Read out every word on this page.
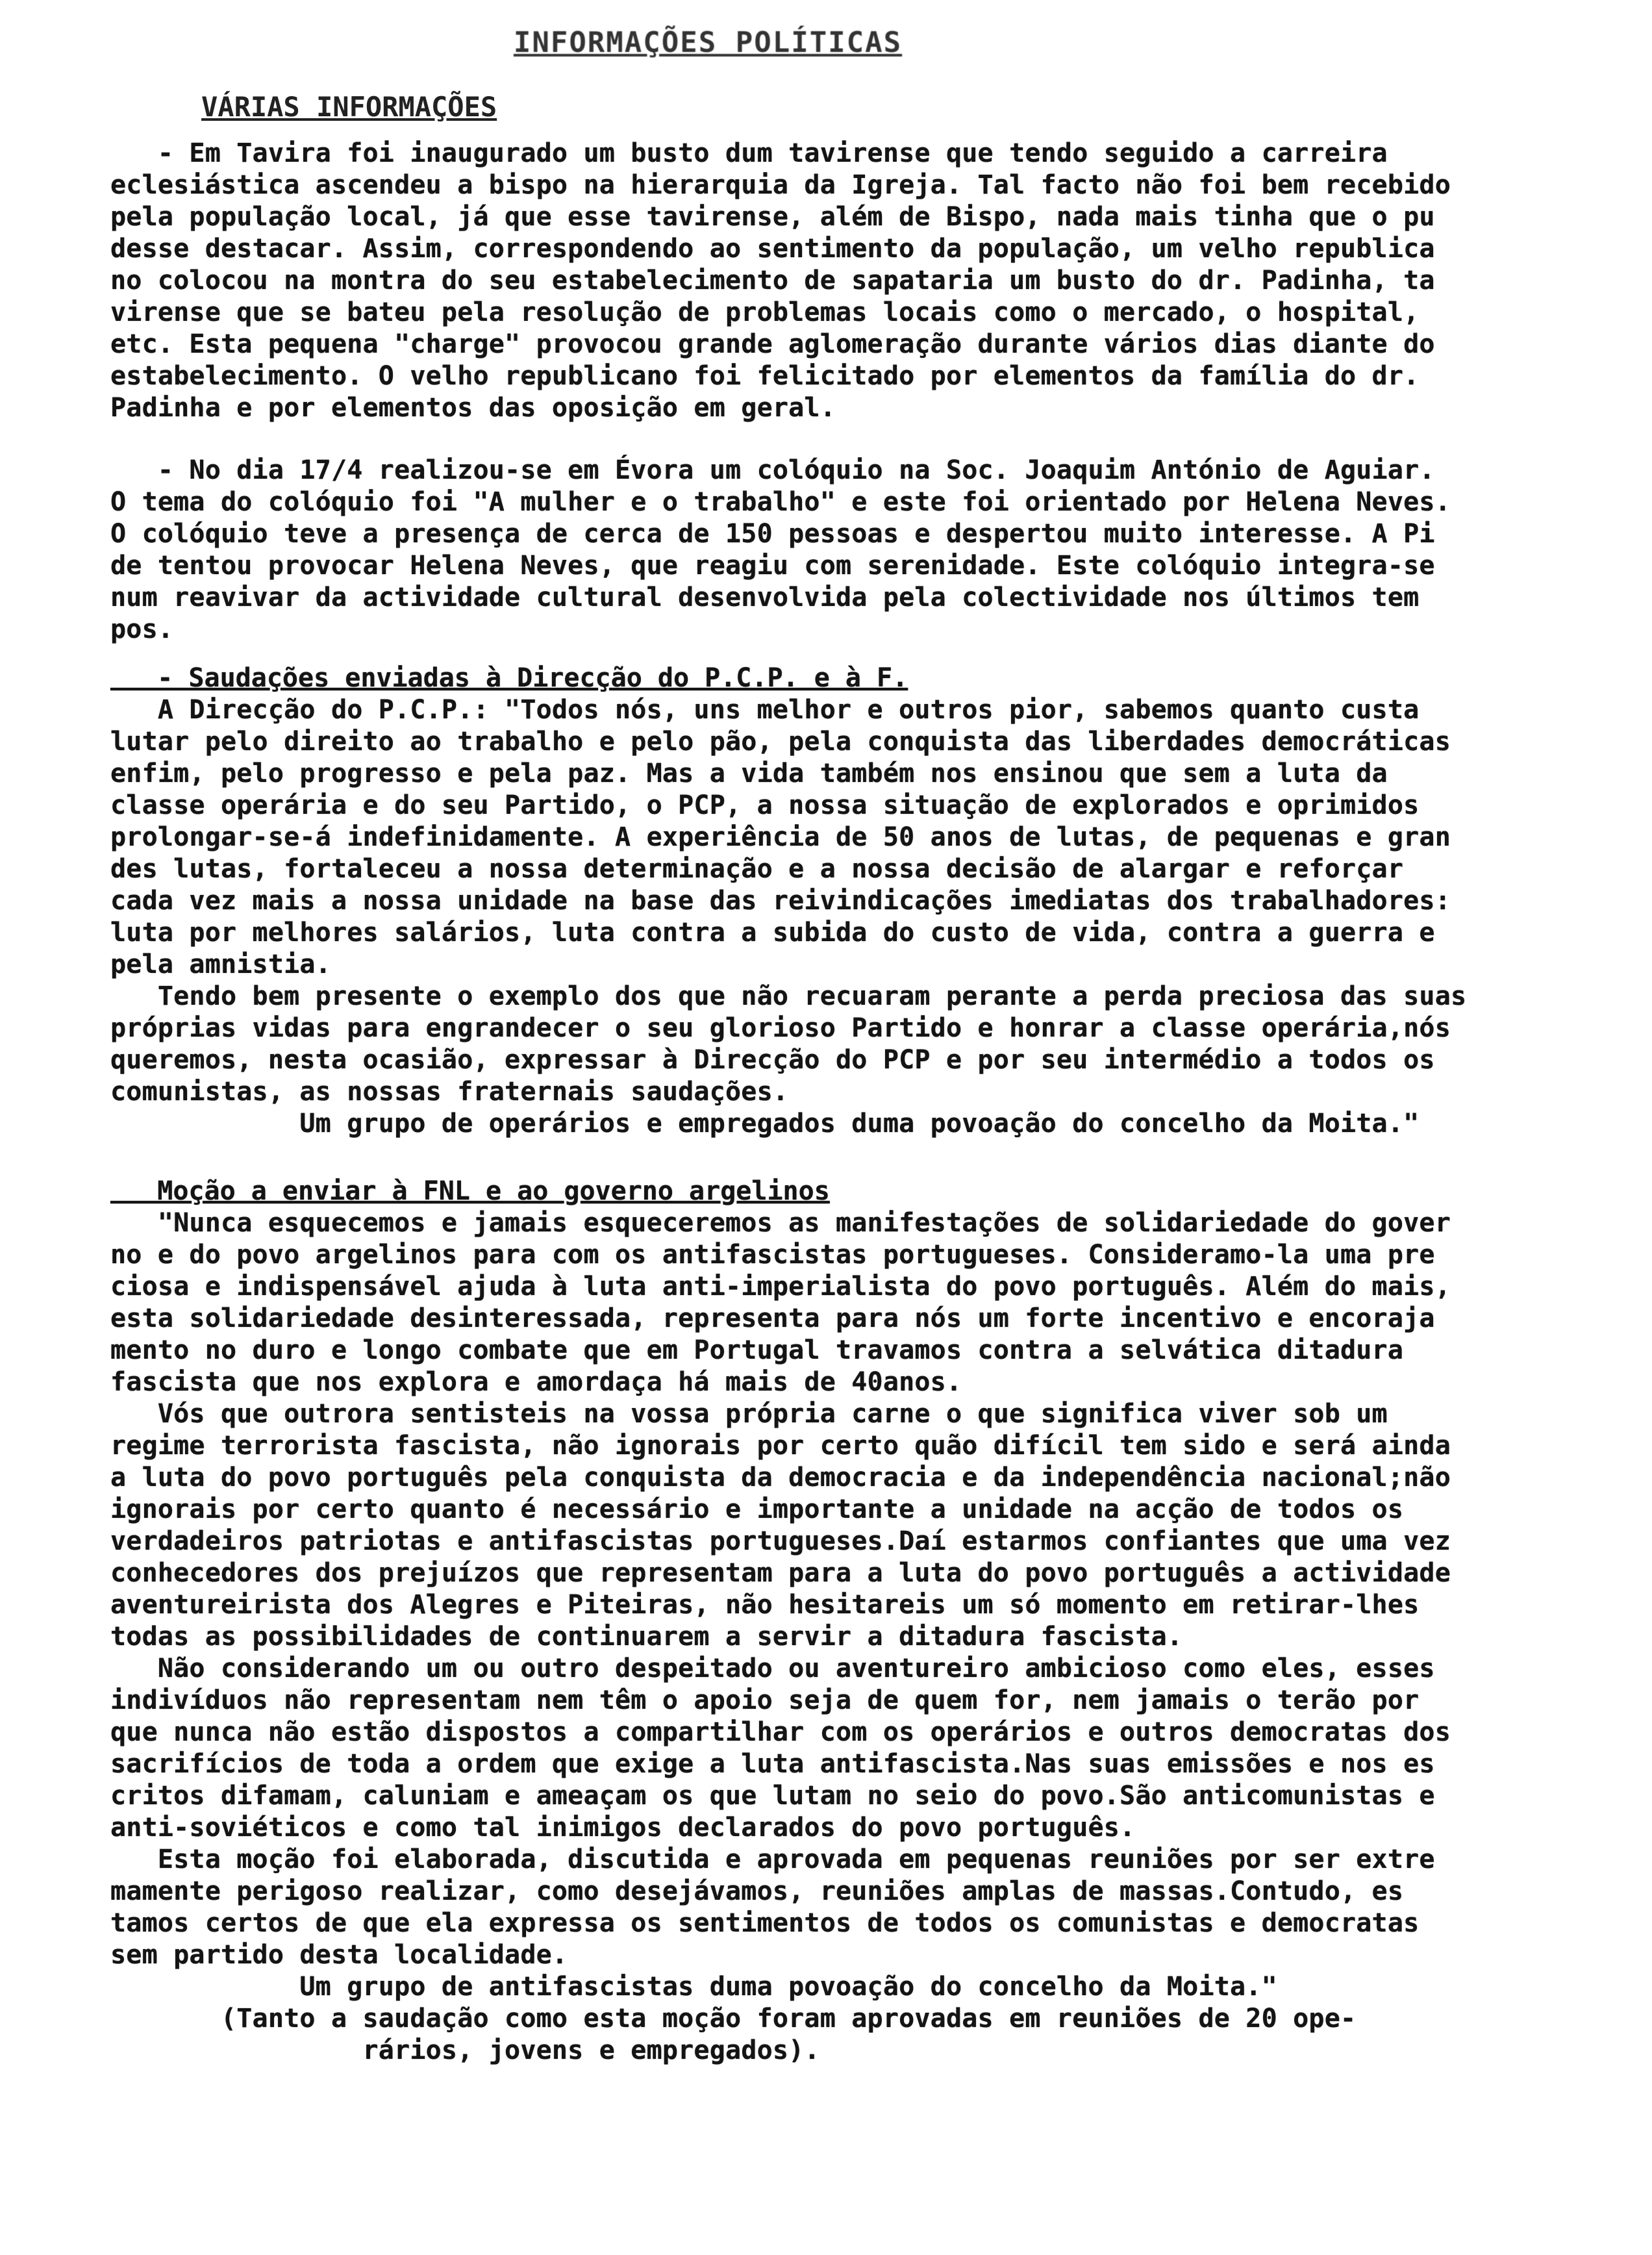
INFORMAÇÕES POLÍTICAS
VÁRIAS INFORMAÇÕES
- Em Tavira foi inaugurado um busto dum tavirense que tendo seguido a carreira
eclesiástica ascendeu a bispo na hierarquia da Igreja. Tal facto não foi bem recebido
pela população local, já que esse tavirense, além de Bispo, nada mais tinha que o pu
desse destacar. Assim, correspondendo ao sentimento da população, um velho republica
no colocou na montra do seu estabelecimento de sapataria um busto do dr. Padinha, ta
virense que se bateu pela resolução de problemas locais como o mercado, o hospital,
etc. Esta pequena "charge" provocou grande aglomeração durante vários dias diante do
estabelecimento. O velho republicano foi felicitado por elementos da família do dr.
Padinha e por elementos das oposição em geral.
- No dia 17/4 realizou-se em Évora um colóquio na Soc. Joaquim António de Aguiar.
O tema do colóquio foi "A mulher e o trabalho" e este foi orientado por Helena Neves.
O colóquio teve a presença de cerca de 150 pessoas e despertou muito interesse. A Pi
de tentou provocar Helena Neves, que reagiu com serenidade. Este colóquio integra-se
num reavivar da actividade cultural desenvolvida pela colectividade nos últimos tem
pos.
- Saudações enviadas à Direcção do P.C.P. e à F.
A Direcção do P.C.P.: "Todos nós, uns melhor e outros pior, sabemos quanto custa
lutar pelo direito ao trabalho e pelo pão, pela conquista das liberdades democráticas
enfim, pelo progresso e pela paz. Mas a vida também nos ensinou que sem a luta da
classe operária e do seu Partido, o PCP, a nossa situação de explorados e oprimidos
prolongar-se-á indefinidamente. A experiência de 50 anos de lutas, de pequenas e gran
des lutas, fortaleceu a nossa determinação e a nossa decisão de alargar e reforçar
cada vez mais a nossa unidade na base das reivindicações imediatas dos trabalhadores:
luta por melhores salários, luta contra a subida do custo de vida, contra a guerra e
pela amnistia.
Tendo bem presente o exemplo dos que não recuaram perante a perda preciosa das suas
próprias vidas para engrandecer o seu glorioso Partido e honrar a classe operária,nós
queremos, nesta ocasião, expressar à Direcção do PCP e por seu intermédio a todos os
comunistas, as nossas fraternais saudações.
Um grupo de operários e empregados duma povoação do concelho da Moita."
Moção a enviar à FNL e ao governo argelinos
"Nunca esquecemos e jamais esqueceremos as manifestações de solidariedade do gover
no e do povo argelinos para com os antifascistas portugueses. Consideramo-la uma pre
ciosa e indispensável ajuda à luta anti-imperialista do povo português. Além do mais,
esta solidariedade desinteressada, representa para nós um forte incentivo e encoraja
mento no duro e longo combate que em Portugal travamos contra a selvática ditadura
fascista que nos explora e amordaça há mais de 40anos.
Vós que outrora sentisteis na vossa própria carne o que significa viver sob um
regime terrorista fascista, não ignorais por certo quão difícil tem sido e será ainda
a luta do povo português pela conquista da democracia e da independência nacional;não
ignorais por certo quanto é necessário e importante a unidade na acção de todos os
verdadeiros patriotas e antifascistas portugueses.Daí estarmos confiantes que uma vez
conhecedores dos prejuízos que representam para a luta do povo português a actividade
aventureirista dos Alegres e Piteiras, não hesitareis um só momento em retirar-lhes
todas as possibilidades de continuarem a servir a ditadura fascista.
Não considerando um ou outro despeitado ou aventureiro ambicioso como eles, esses
indivíduos não representam nem têm o apoio seja de quem for, nem jamais o terão por
que nunca não estão dispostos a compartilhar com os operários e outros democratas dos
sacrifícios de toda a ordem que exige a luta antifascista.Nas suas emissões e nos es
critos difamam, caluniam e ameaçam os que lutam no seio do povo.São anticomunistas e
anti-soviéticos e como tal inimigos declarados do povo português.
Esta moção foi elaborada, discutida e aprovada em pequenas reuniões por ser extre
mamente perigoso realizar, como desejávamos, reuniões amplas de massas.Contudo, es
tamos certos de que ela expressa os sentimentos de todos os comunistas e democratas
sem partido desta localidade.
Um grupo de antifascistas duma povoação do concelho da Moita."
(Tanto a saudação como esta moção foram aprovadas em reuniões de 20 ope-
rários, jovens e empregados).
